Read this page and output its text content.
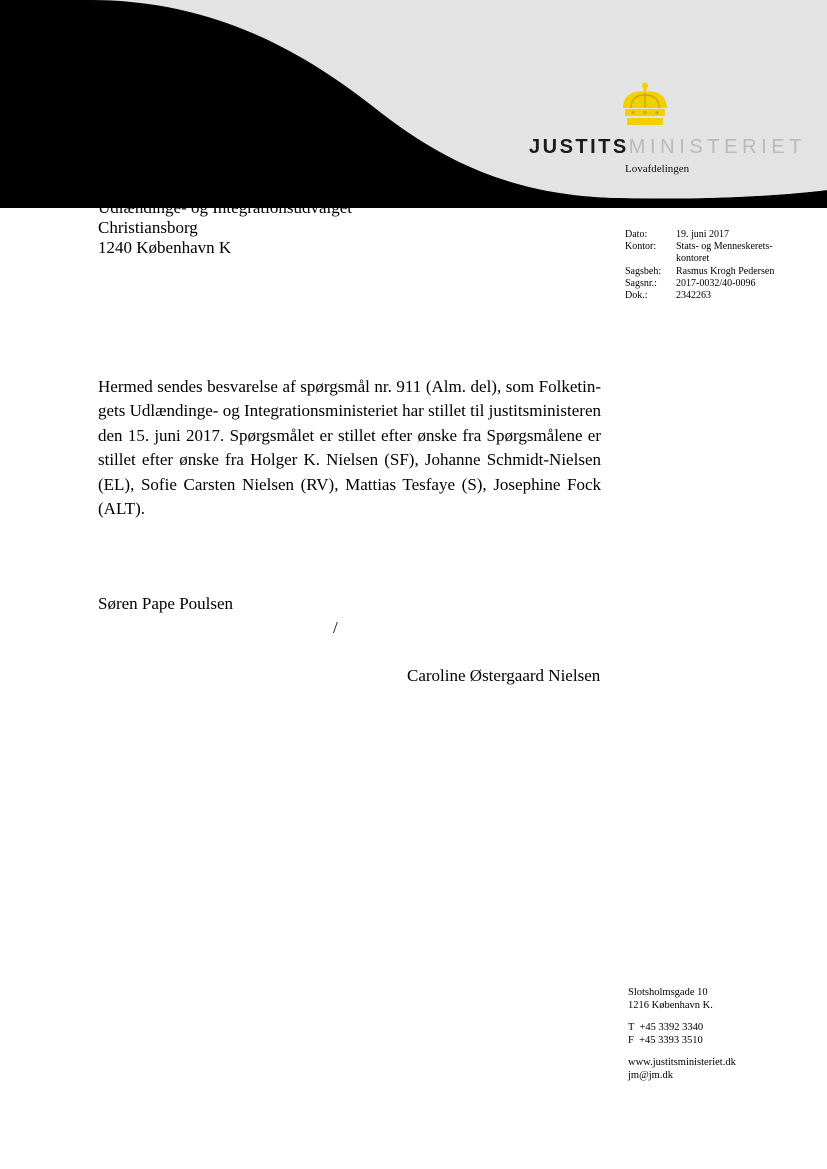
JUSTITSMINISTERIET
Lovafdelingen
Udlændinge- og Integrationsudvalget
Christiansborg
1240 København K
Dato:	19. juni 2017
Kontor:	Stats- og Menneskerets-kontoret
Sagsbeh:	Rasmus Krogh Pedersen
Sagsnr.:	2017-0032/40-0096
Dok.:	2342263

Hermed sendes besvarelse af spørgsmål nr. 911 (Alm. del), som Folketingets Udlændinge- og Integrationsministeriet har stillet til justitsministeren den 15. juni 2017. Spørgsmålet er stillet efter ønske fra Spørgsmålene er stillet efter ønske fra Holger K. Nielsen (SF), Johanne Schmidt-Nielsen (EL), Sofie Carsten Nielsen (RV), Mattias Tesfaye (S), Josephine Fock (ALT).

Søren Pape Poulsen
/
Caroline Østergaard Nielsen
Slotsholmsgade 10
1216 København K.
T  +45 3392 3340
F  +45 3393 3510
www.justitsministeriet.dk
jm@jm.dk
